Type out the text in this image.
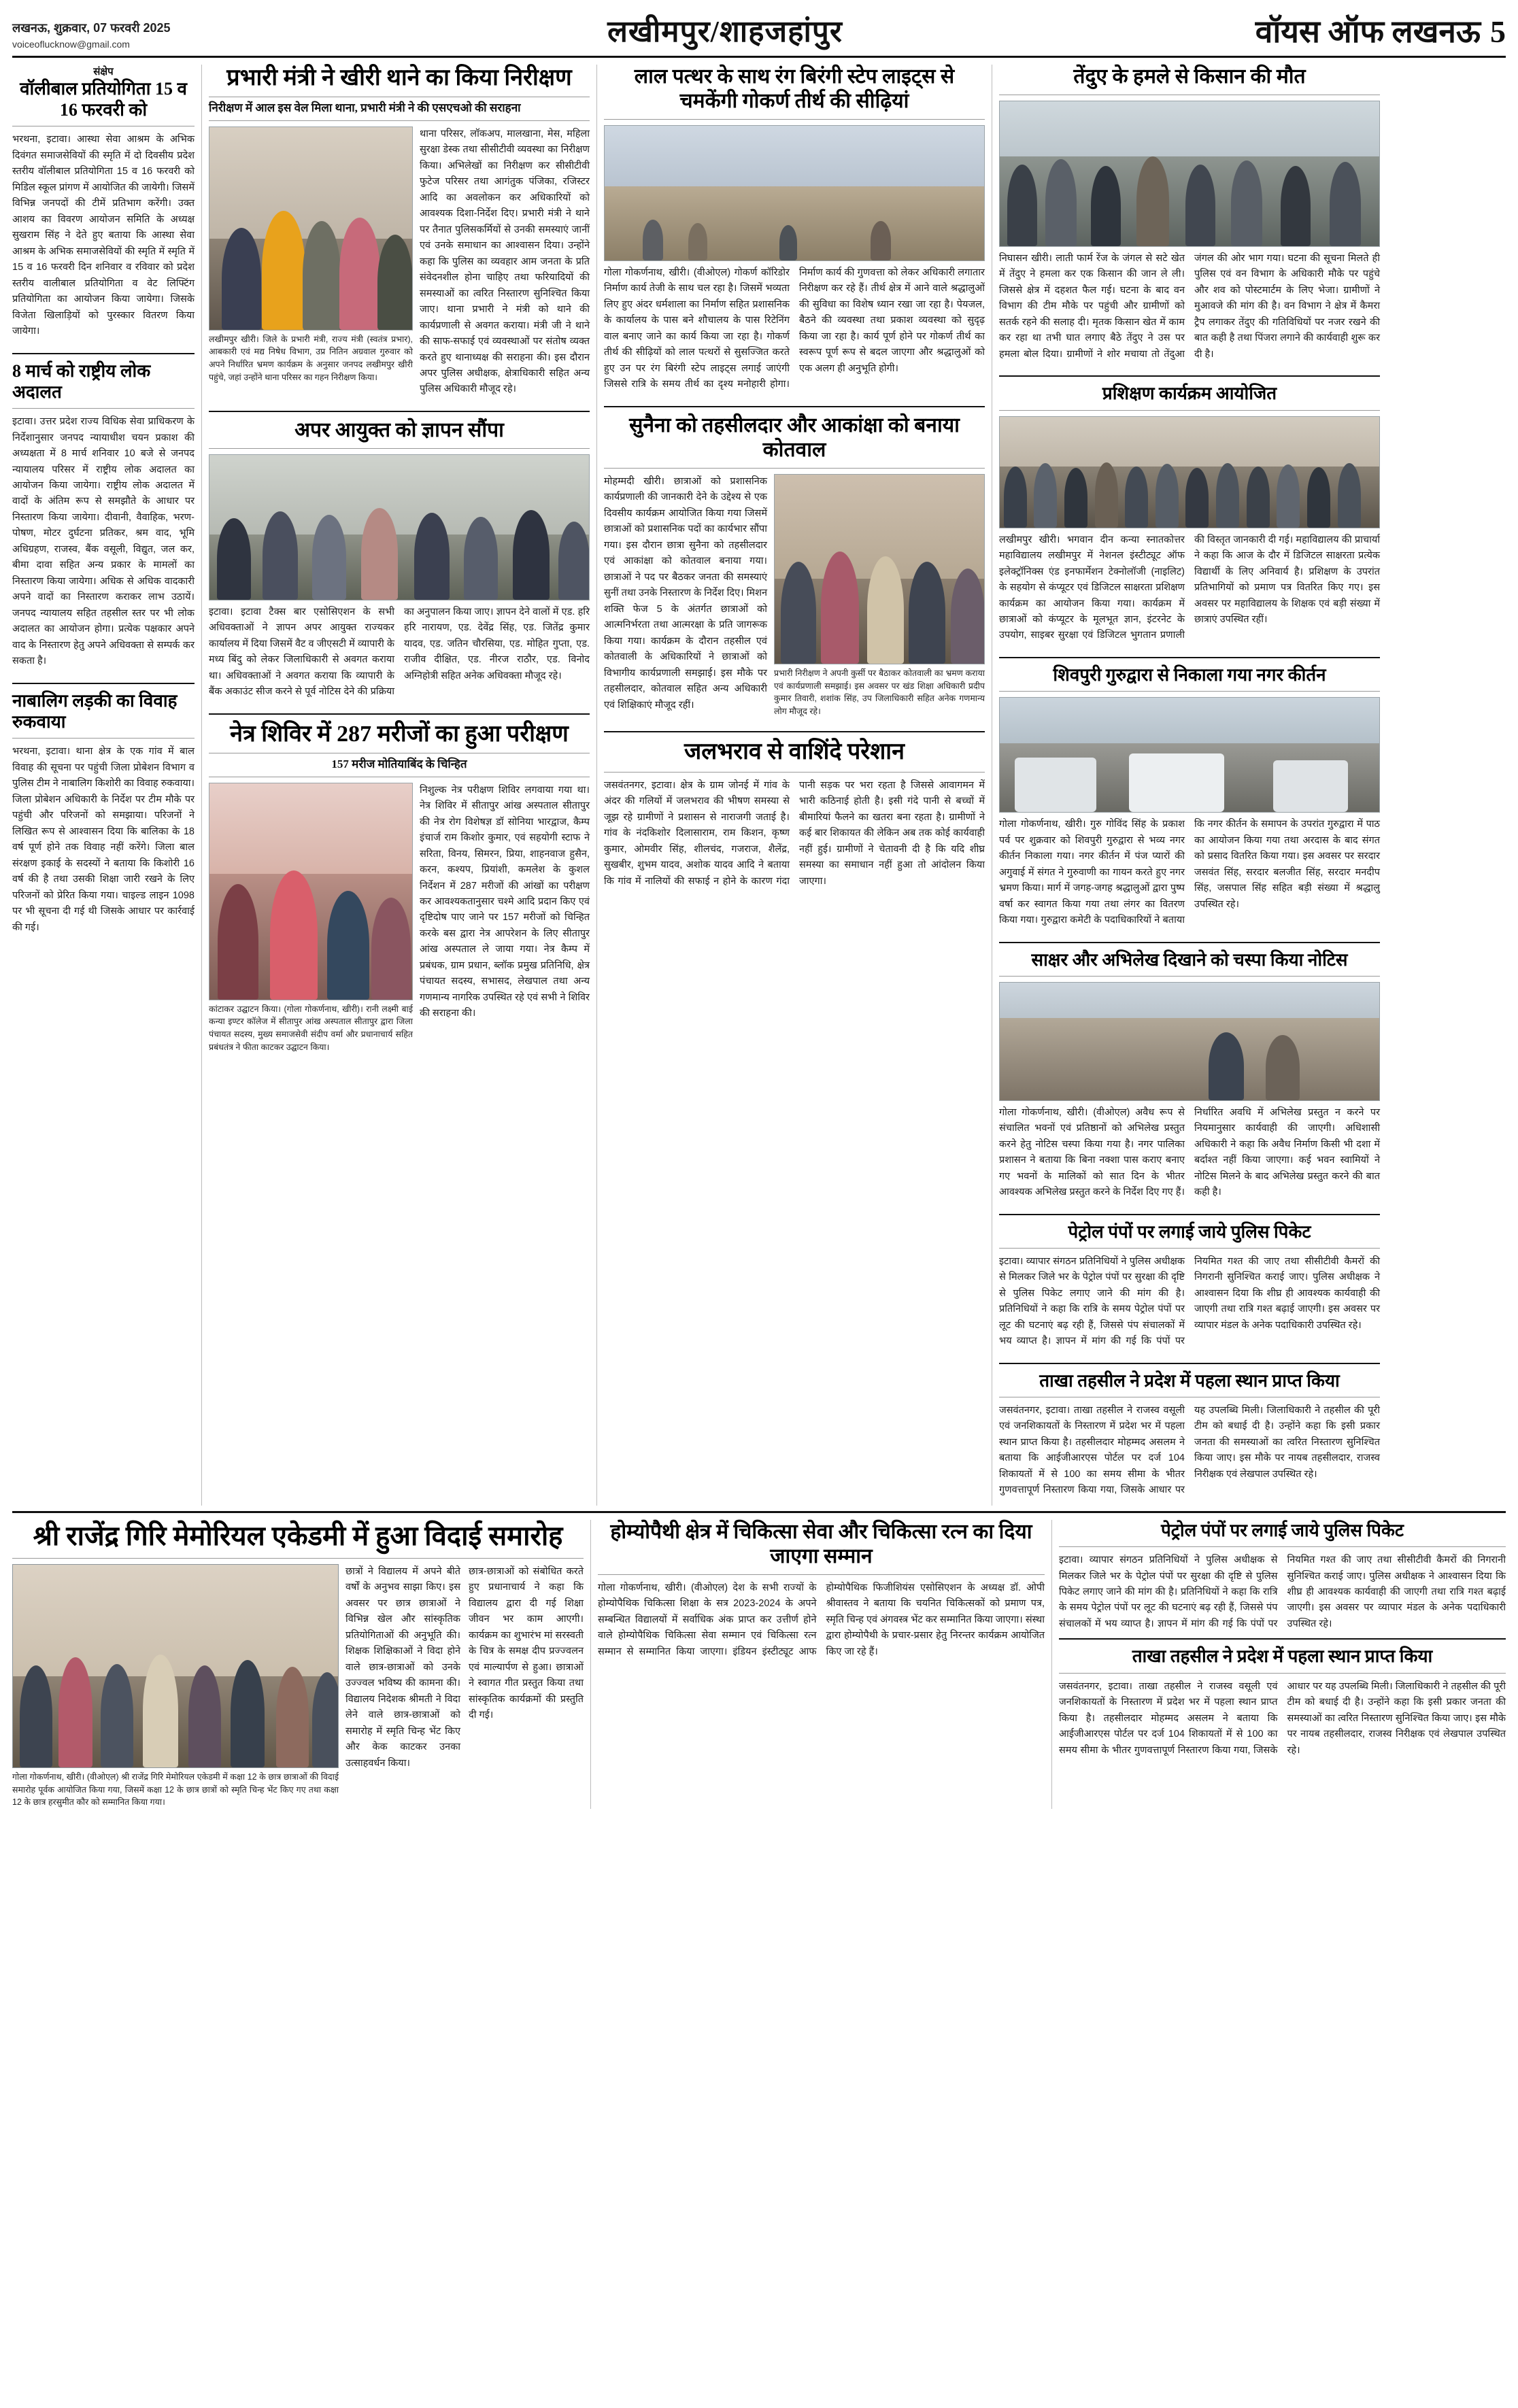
लखनऊ, शुक्रवार, 07 फरवरी 2025
voiceoflucknow@gmail.com	लखीमपुर/शाहजहांपुर	वॉयस ऑफ लखनऊ 5
संक्षेप
वॉलीबाल प्रतियोगिता 15 व 16 फरवरी को
भरथना, इटावा। आस्था सेवा आश्रम के अभिक दिवंगत समाजसेवियों की स्मृति में दो दिवसीय प्रदेश स्तरीय वॉलीबाल प्रतियोगिता 15 व 16 फरवरी को मिडिल स्कूल प्रांगण में आयोजित की जायेगी। जिसमें विभिन्न जनपदों की टीमें प्रतिभाग करेंगी। उक्त आशय का विवरण आयोजन समिति के अध्यक्ष सुखराम सिंह ने देते हुए बताया कि आस्था सेवा आश्रम के अभिक समाजसेवियों की स्मृति में स्मृति में 15 व 16 फरवरी दिन शनिवार व रविवार को प्रदेश स्तरीय वालीबाल प्रतियोगिता व वेट लिफ्टिंग प्रतियोगिता का आयोजन किया जायेगा। जिसके विजेता खिलाड़ियों को पुरस्कार वितरण किया जायेगा।
8 मार्च को राष्ट्रीय लोक अदालत
इटावा। उत्तर प्रदेश राज्य विधिक सेवा प्राधिकरण के निर्देशानुसार जनपद न्यायाधीश चयन प्रकाश की अध्यक्षता में 8 मार्च शनिवार 10 बजे से जनपद न्यायालय परिसर में राष्ट्रीय लोक अदालत का आयोजन किया जायेगा। राष्ट्रीय लोक अदालत में वादों के अंतिम रूप से समझौते के आधार पर निस्तारण किया जायेगा। दीवानी, वैवाहिक, भरण-पोषण, मोटर दुर्घटना प्रतिकर, श्रम वाद, भूमि अधिग्रहण, राजस्व, बैंक वसूली, विद्युत, जल कर, बीमा दावा सहित अन्य प्रकार के मामलों का निस्तारण किया जायेगा। अधिक से अधिक वादकारी अपने वादों का निस्तारण कराकर लाभ उठायें। जनपद न्यायालय सहित तहसील स्तर पर भी लोक अदालत का आयोजन होगा। प्रत्येक पक्षकार अपने वाद के निस्तारण हेतु अपने अधिवक्ता से सम्पर्क कर सकता है।
नाबालिग लड़की का विवाह रुकवाया
भरथना, इटावा। थाना क्षेत्र के एक गांव में बाल विवाह की सूचना पर पहुंची जिला प्रोबेशन विभाग व पुलिस टीम ने नाबालिग किशोरी का विवाह रुकवाया। जिला प्रोबेशन अधिकारी के निर्देश पर टीम मौके पर पहुंची और परिजनों को समझाया। परिजनों ने लिखित रूप से आश्वासन दिया कि बालिका के 18 वर्ष पूर्ण होने तक विवाह नहीं करेंगे। जिला बाल संरक्षण इकाई के सदस्यों ने बताया कि किशोरी 16 वर्ष की है तथा उसकी शिक्षा जारी रखने के लिए परिजनों को प्रेरित किया गया। चाइल्ड लाइन 1098 पर भी सूचना दी गई थी जिसके आधार पर कार्रवाई की गई।
प्रभारी मंत्री ने खीरी थाने का किया निरीक्षण
निरीक्षण में आल इस वेल मिला थाना, प्रभारी मंत्री ने की एसएचओ की सराहना
लखीमपुर खीरी। जिले के प्रभारी मंत्री, राज्य मंत्री (स्वतंत्र प्रभार), आबकारी एवं मद्य निषेध विभाग, उप्र नितिन अग्रवाल गुरुवार को अपने निर्धारित भ्रमण कार्यक्रम के अनुसार जनपद लखीमपुर खीरी पहुंचे, जहां उन्होंने थाना परिसर का गहन निरीक्षण किया।
थाना परिसर, लॉकअप, मालखाना, मेस, महिला सुरक्षा डेस्क तथा सीसीटीवी व्यवस्था का निरीक्षण किया। अभिलेखों का निरीक्षण कर सीसीटीवी फुटेज परिसर तथा आगंतुक पंजिका, रजिस्टर आदि का अवलोकन कर अधिकारियों को आवश्यक दिशा-निर्देश दिए। प्रभारी मंत्री ने थाने पर तैनात पुलिसकर्मियों से उनकी समस्याएं जानीं एवं उनके समाधान का आश्वासन दिया। उन्होंने कहा कि पुलिस का व्यवहार आम जनता के प्रति संवेदनशील होना चाहिए तथा फरियादियों की समस्याओं का त्वरित निस्तारण सुनिश्चित किया जाए। थाना प्रभारी ने मंत्री को थाने की कार्यप्रणाली से अवगत कराया। मंत्री जी ने थाने की साफ-सफाई एवं व्यवस्थाओं पर संतोष व्यक्त करते हुए थानाध्यक्ष की सराहना की। इस दौरान अपर पुलिस अधीक्षक, क्षेत्राधिकारी सहित अन्य पुलिस अधिकारी मौजूद रहे।
अपर आयुक्त को ज्ञापन सौंपा
इटावा। इटावा टैक्स बार एसोसिएशन के सभी अधिवक्ताओं ने ज्ञापन अपर आयुक्त राज्यकर कार्यालय में दिया जिसमें वैट व जीएसटी में व्यापारी के मध्य बिंदु को लेकर जिलाधिकारी से अवगत कराया था। अधिवक्ताओं ने अवगत कराया कि व्यापारी के बैंक अकाउंट सीज करने से पूर्व नोटिस देने की प्रक्रिया का अनुपालन किया जाए। ज्ञापन देने वालों में एड. हरि हरि नारायण, एड. देवेंद्र सिंह, एड. जितेंद्र कुमार यादव, एड. जतिन चौरसिया, एड. मोहित गुप्ता, एड. राजीव दीक्षित, एड. नीरज राठौर, एड. विनोद अग्निहोत्री सहित अनेक अधिवक्ता मौजूद रहे।
नेत्र शिविर में 287 मरीजों का हुआ परीक्षण
157 मरीज मोतियाबिंद के चिन्हित
कांटाकर उद्घाटन किया। (गोला गोकर्णनाथ, खीरी)। रानी लक्ष्मी बाई कन्या इण्टर कॉलेज में सीतापुर आंख अस्पताल सीतापुर द्वारा जिला पंचायत सदस्य, मुख्य समाजसेवी संदीप वर्मा और प्रधानाचार्य सहित प्रबंधतंत्र ने फीता काटकर उद्घाटन किया।
निशुल्क नेत्र परीक्षण शिविर लगवाया गया था। नेत्र शिविर में सीतापुर आंख अस्पताल सीतापुर की नेत्र रोग विशेषज्ञ डॉ सोनिया भारद्वाज, कैम्प इंचार्ज राम किशोर कुमार, एवं सहयोगी स्टाफ ने सरिता, विनय, सिमरन, प्रिया, शाहनवाज हुसैन, करन, कश्यप, प्रियांशी, कमलेश के कुशल निर्देशन में 287 मरीजों की आंखों का परीक्षण कर आवश्यकतानुसार चश्मे आदि प्रदान किए एवं दृष्टिदोष पाए जाने पर 157 मरीजों को चिन्हित करके बस द्वारा नेत्र आपरेशन के लिए सीतापुर आंख अस्पताल ले जाया गया। नेत्र कैम्प में प्रबंधक, ग्राम प्रधान, ब्लॉक प्रमुख प्रतिनिधि, क्षेत्र पंचायत सदस्य, सभासद, लेखपाल तथा अन्य गणमान्य नागरिक उपस्थित रहे एवं सभी ने शिविर की सराहना की।
लाल पत्थर के साथ रंग बिरंगी स्टेप लाइट्स से चमकेंगी गोकर्ण तीर्थ की सीढ़ियां
गोला गोकर्णनाथ, खीरी। (वीओएल) गोकर्ण कॉरिडोर निर्माण कार्य तेजी के साथ चल रहा है। जिसमें भव्यता लिए हुए अंदर धर्मशाला का निर्माण सहित प्रशासनिक के कार्यालय के पास बने शौचालय के पास रिटेनिंग वाल बनाए जाने का कार्य किया जा रहा है। गोकर्ण तीर्थ की सीढ़ियों को लाल पत्थरों से सुसज्जित करते हुए उन पर रंग बिरंगी स्टेप लाइट्स लगाई जाएंगी जिससे रात्रि के समय तीर्थ का दृश्य मनोहारी होगा। निर्माण कार्य की गुणवत्ता को लेकर अधिकारी लगातार निरीक्षण कर रहे हैं। तीर्थ क्षेत्र में आने वाले श्रद्धालुओं की सुविधा का विशेष ध्यान रखा जा रहा है। पेयजल, बैठने की व्यवस्था तथा प्रकाश व्यवस्था को सुदृढ़ किया जा रहा है। कार्य पूर्ण होने पर गोकर्ण तीर्थ का स्वरूप पूर्ण रूप से बदल जाएगा और श्रद्धालुओं को एक अलग ही अनुभूति होगी।
सुनैना को तहसीलदार और आकांक्षा को बनाया कोतवाल
मोहम्मदी खीरी। छात्राओं को प्रशासनिक कार्यप्रणाली की जानकारी देने के उद्देश्य से एक दिवसीय कार्यक्रम आयोजित किया गया जिसमें छात्राओं को प्रशासनिक पदों का कार्यभार सौंपा गया। इस दौरान छात्रा सुनैना को तहसीलदार एवं आकांक्षा को कोतवाल बनाया गया। छात्राओं ने पद पर बैठकर जनता की समस्याएं सुनीं तथा उनके निस्तारण के निर्देश दिए। मिशन शक्ति फेज 5 के अंतर्गत छात्राओं को आत्मनिर्भरता तथा आत्मरक्षा के प्रति जागरूक किया गया। कार्यक्रम के दौरान तहसील एवं कोतवाली के अधिकारियों ने छात्राओं को विभागीय कार्यप्रणाली समझाई। इस मौके पर तहसीलदार, कोतवाल सहित अन्य अधिकारी एवं शिक्षिकाएं मौजूद रहीं।
प्रभारी निरीक्षण ने अपनी कुर्सी पर बैठाकर कोतवाली का भ्रमण कराया एवं कार्यप्रणाली समझाई। इस अवसर पर खंड शिक्षा अधिकारी प्रदीप कुमार तिवारी, शशांक सिंह, उप जिलाधिकारी सहित अनेक गणमान्य लोग मौजूद रहे।
जलभराव से वाशिंदे परेशान
जसवंतनगर, इटावा। क्षेत्र के ग्राम जोनई में गांव के अंदर की गलियों में जलभराव की भीषण समस्या से जूझ रहे ग्रामीणों ने प्रशासन से नाराजगी जताई है। गांव के नंदकिशोर दिलासाराम, राम किशन, कृष्ण कुमार, ओमवीर सिंह, शीलचंद, गजराज, शैलेंद्र, सुखबीर, शुभम यादव, अशोक यादव आदि ने बताया कि गांव में नालियों की सफाई न होने के कारण गंदा पानी सड़क पर भरा रहता है जिससे आवागमन में भारी कठिनाई होती है। इसी गंदे पानी से बच्चों में बीमारियां फैलने का खतरा बना रहता है। ग्रामीणों ने कई बार शिकायत की लेकिन अब तक कोई कार्यवाही नहीं हुई। ग्रामीणों ने चेतावनी दी है कि यदि शीघ्र समस्या का समाधान नहीं हुआ तो आंदोलन किया जाएगा।
तेंदुए के हमले से किसान की मौत
निघासन खीरी। लाती फार्म रेंज के जंगल से सटे खेत में तेंदुए ने हमला कर एक किसान की जान ले ली। जिससे क्षेत्र में दहशत फैल गई। घटना के बाद वन विभाग की टीम मौके पर पहुंची और ग्रामीणों को सतर्क रहने की सलाह दी। मृतक किसान खेत में काम कर रहा था तभी घात लगाए बैठे तेंदुए ने उस पर हमला बोल दिया। ग्रामीणों ने शोर मचाया तो तेंदुआ जंगल की ओर भाग गया। घटना की सूचना मिलते ही पुलिस एवं वन विभाग के अधिकारी मौके पर पहुंचे और शव को पोस्टमार्टम के लिए भेजा। ग्रामीणों ने मुआवजे की मांग की है। वन विभाग ने क्षेत्र में कैमरा ट्रैप लगाकर तेंदुए की गतिविधियों पर नजर रखने की बात कही है तथा पिंजरा लगाने की कार्यवाही शुरू कर दी है।
प्रशिक्षण कार्यक्रम आयोजित
लखीमपुर खीरी। भगवान दीन कन्या स्नातकोत्तर महाविद्यालय लखीमपुर में नेशनल इंस्टीट्यूट ऑफ इलेक्ट्रॉनिक्स एंड इनफार्मेशन टेक्नोलॉजी (नाइलिट) के सहयोग से कंप्यूटर एवं डिजिटल साक्षरता प्रशिक्षण कार्यक्रम का आयोजन किया गया। कार्यक्रम में छात्राओं को कंप्यूटर के मूलभूत ज्ञान, इंटरनेट के उपयोग, साइबर सुरक्षा एवं डिजिटल भुगतान प्रणाली की विस्तृत जानकारी दी गई। महाविद्यालय की प्राचार्या ने कहा कि आज के दौर में डिजिटल साक्षरता प्रत्येक विद्यार्थी के लिए अनिवार्य है। प्रशिक्षण के उपरांत प्रतिभागियों को प्रमाण पत्र वितरित किए गए। इस अवसर पर महाविद्यालय के शिक्षक एवं बड़ी संख्या में छात्राएं उपस्थित रहीं।
शिवपुरी गुरुद्वारा से निकाला गया नगर कीर्तन
गोला गोकर्णनाथ, खीरी। गुरु गोविंद सिंह के प्रकाश पर्व पर शुक्रवार को शिवपुरी गुरुद्वारा से भव्य नगर कीर्तन निकाला गया। नगर कीर्तन में पंज प्यारों की अगुवाई में संगत ने गुरुवाणी का गायन करते हुए नगर भ्रमण किया। मार्ग में जगह-जगह श्रद्धालुओं द्वारा पुष्प वर्षा कर स्वागत किया गया तथा लंगर का वितरण किया गया। गुरुद्वारा कमेटी के पदाधिकारियों ने बताया कि नगर कीर्तन के समापन के उपरांत गुरुद्वारा में पाठ का आयोजन किया गया तथा अरदास के बाद संगत को प्रसाद वितरित किया गया। इस अवसर पर सरदार जसवंत सिंह, सरदार बलजीत सिंह, सरदार मनदीप सिंह, जसपाल सिंह सहित बड़ी संख्या में श्रद्धालु उपस्थित रहे।
साक्षर और अभिलेख दिखाने को चस्पा किया नोटिस
गोला गोकर्णनाथ, खीरी। (वीओएल) अवैध रूप से संचालित भवनों एवं प्रतिष्ठानों को अभिलेख प्रस्तुत करने हेतु नोटिस चस्पा किया गया है। नगर पालिका प्रशासन ने बताया कि बिना नक्शा पास कराए बनाए गए भवनों के मालिकों को सात दिन के भीतर आवश्यक अभिलेख प्रस्तुत करने के निर्देश दिए गए हैं। निर्धारित अवधि में अभिलेख प्रस्तुत न करने पर नियमानुसार कार्यवाही की जाएगी। अधिशासी अधिकारी ने कहा कि अवैध निर्माण किसी भी दशा में बर्दाश्त नहीं किया जाएगा। कई भवन स्वामियों ने नोटिस मिलने के बाद अभिलेख प्रस्तुत करने की बात कही है।
पेट्रोल पंपों पर लगाई जाये पुलिस पिकेट
इटावा। व्यापार संगठन प्रतिनिधियों ने पुलिस अधीक्षक से मिलकर जिले भर के पेट्रोल पंपों पर सुरक्षा की दृष्टि से पुलिस पिकेट लगाए जाने की मांग की है। प्रतिनिधियों ने कहा कि रात्रि के समय पेट्रोल पंपों पर लूट की घटनाएं बढ़ रही हैं, जिससे पंप संचालकों में भय व्याप्त है। ज्ञापन में मांग की गई कि पंपों पर नियमित गश्त की जाए तथा सीसीटीवी कैमरों की निगरानी सुनिश्चित कराई जाए। पुलिस अधीक्षक ने आश्वासन दिया कि शीघ्र ही आवश्यक कार्यवाही की जाएगी तथा रात्रि गश्त बढ़ाई जाएगी। इस अवसर पर व्यापार मंडल के अनेक पदाधिकारी उपस्थित रहे।
ताखा तहसील ने प्रदेश में पहला स्थान प्राप्त किया
जसवंतनगर, इटावा। ताखा तहसील ने राजस्व वसूली एवं जनशिकायतों के निस्तारण में प्रदेश भर में पहला स्थान प्राप्त किया है। तहसीलदार मोहम्मद असलम ने बताया कि आईजीआरएस पोर्टल पर दर्ज 104 शिकायतों में से 100 का समय सीमा के भीतर गुणवत्तापूर्ण निस्तारण किया गया, जिसके आधार पर यह उपलब्धि मिली। जिलाधिकारी ने तहसील की पूरी टीम को बधाई दी है। उन्होंने कहा कि इसी प्रकार जनता की समस्याओं का त्वरित निस्तारण सुनिश्चित किया जाए। इस मौके पर नायब तहसीलदार, राजस्व निरीक्षक एवं लेखपाल उपस्थित रहे।
श्री राजेंद्र गिरि मेमोरियल एकेडमी में हुआ विदाई समारोह
गोला गोकर्णनाथ, खीरी। (वीओएल) श्री राजेंद्र गिरि मेमोरियल एकेडमी में कक्षा 12 के छात्र छात्राओं की विदाई समारोह पूर्वक आयोजित किया गया, जिसमें कक्षा 12 के छात्र छात्रों को स्मृति चिन्ह भेंट किए गए तथा कक्षा 12 के छात्र हरसुमीत कौर को सम्मानित किया गया।
छात्रों ने विद्यालय में अपने बीते वर्षों के अनुभव साझा किए। इस अवसर पर छात्र छात्राओं ने विभिन्न खेल और सांस्कृतिक प्रतियोगिताओं की अनुभूति की। शिक्षक शिक्षिकाओं ने विदा होने वाले छात्र-छात्राओं को उनके उज्ज्वल भविष्य की कामना की। विद्यालय निदेशक श्रीमती ने विदा लेने वाले छात्र-छात्राओं को समारोह में स्मृति चिन्ह भेंट किए और केक काटकर उनका उत्साहवर्धन किया।
छात्र-छात्राओं को संबोधित करते हुए प्रधानाचार्य ने कहा कि विद्यालय द्वारा दी गई शिक्षा जीवन भर काम आएगी। कार्यक्रम का शुभारंभ मां सरस्वती के चित्र के समक्ष दीप प्रज्ज्वलन एवं माल्यार्पण से हुआ। छात्राओं ने स्वागत गीत प्रस्तुत किया तथा सांस्कृतिक कार्यक्रमों की प्रस्तुति दी गई।
होम्योपैथी क्षेत्र में चिकित्सा सेवा और चिकित्सा रत्न का दिया जाएगा सम्मान
गोला गोकर्णनाथ, खीरी। (वीओएल) देश के सभी राज्यों के होम्योपैथिक चिकित्सा शिक्षा के सत्र 2023-2024 के अपने सम्बन्धित विद्यालयों में सर्वाधिक अंक प्राप्त कर उत्तीर्ण होने वाले होम्योपैथिक चिकित्सा सेवा सम्मान एवं चिकित्सा रत्न सम्मान से सम्मानित किया जाएगा। इंडियन इंस्टीट्यूट आफ होम्योपैथिक फिजीशियंस एसोसिएशन के अध्यक्ष डॉ. ओपी श्रीवास्तव ने बताया कि चयनित चिकित्सकों को प्रमाण पत्र, स्मृति चिन्ह एवं अंगवस्त्र भेंट कर सम्मानित किया जाएगा। संस्था द्वारा होम्योपैथी के प्रचार-प्रसार हेतु निरन्तर कार्यक्रम आयोजित किए जा रहे हैं।
पेट्रोल पंपों पर लगाई जाये पुलिस पिकेट
इटावा। व्यापार संगठन प्रतिनिधियों ने पुलिस अधीक्षक से मिलकर जिले भर के पेट्रोल पंपों पर सुरक्षा की दृष्टि से पुलिस पिकेट लगाए जाने की मांग की है। प्रतिनिधियों ने कहा कि रात्रि के समय पेट्रोल पंपों पर लूट की घटनाएं बढ़ रही हैं, जिससे पंप संचालकों में भय व्याप्त है। ज्ञापन में मांग की गई कि पंपों पर नियमित गश्त की जाए तथा सीसीटीवी कैमरों की निगरानी सुनिश्चित कराई जाए। पुलिस अधीक्षक ने आश्वासन दिया कि शीघ्र ही आवश्यक कार्यवाही की जाएगी तथा रात्रि गश्त बढ़ाई जाएगी। इस अवसर पर व्यापार मंडल के अनेक पदाधिकारी उपस्थित रहे।
ताखा तहसील ने प्रदेश में पहला स्थान प्राप्त किया
जसवंतनगर, इटावा। ताखा तहसील ने राजस्व वसूली एवं जनशिकायतों के निस्तारण में प्रदेश भर में पहला स्थान प्राप्त किया है। तहसीलदार मोहम्मद असलम ने बताया कि आईजीआरएस पोर्टल पर दर्ज 104 शिकायतों में से 100 का समय सीमा के भीतर गुणवत्तापूर्ण निस्तारण किया गया, जिसके आधार पर यह उपलब्धि मिली। जिलाधिकारी ने तहसील की पूरी टीम को बधाई दी है। उन्होंने कहा कि इसी प्रकार जनता की समस्याओं का त्वरित निस्तारण सुनिश्चित किया जाए। इस मौके पर नायब तहसीलदार, राजस्व निरीक्षक एवं लेखपाल उपस्थित रहे।
